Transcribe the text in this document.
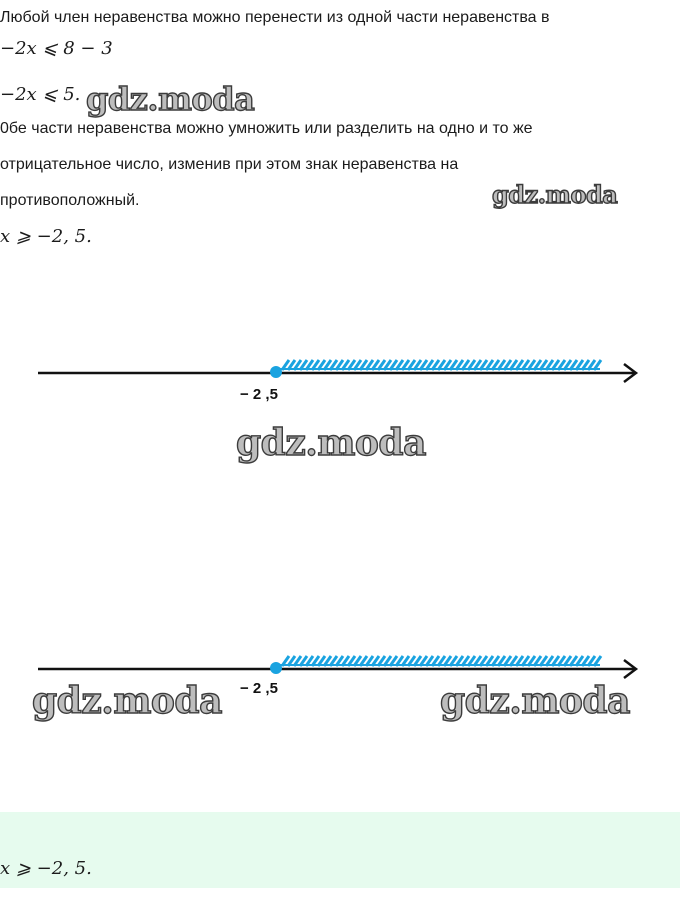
Любой член неравенства можно перенести из одной части неравенства в
−2x ⩽ 8 − 3
−2x ⩽ 5.
0бе части неравенства можно умножить или разделить на одно и то же
отрицательное число, изменив при этом знак неравенства на
противоположный.
x ⩾ −2, 5.
gdz.moda
gdz.moda
gdz.moda
gdz.moda	gdz.moda
− 2 ,5
− 2 ,5
x ⩾ −2, 5.
